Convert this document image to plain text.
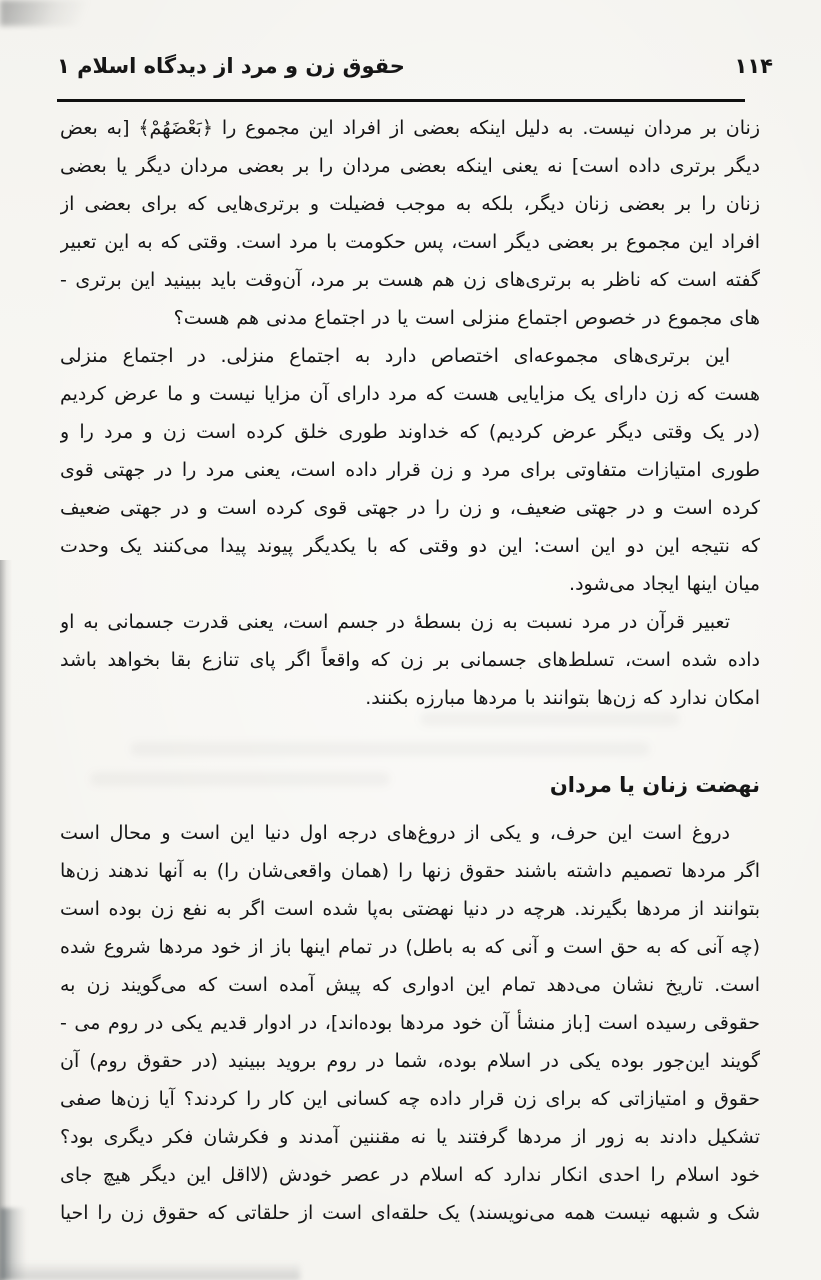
حقوق زن و مرد از دیدگاه اسلام ۱	۱۱۴
زنان بر مردان نیست. به دلیل اینکه بعضی از افراد این مجموع را ﴿بَعْضَهُمْ﴾ [به بعض
دیگر برتری داده است] نه یعنی اینکه بعضی مردان را بر بعضی مردان دیگر یا بعضی
زنان را بر بعضی زنان دیگر، بلکه به موجب فضیلت و برتری‌هایی که برای بعضی از
افراد این مجموع بر بعضی دیگر است، پس حکومت با مرد است. وقتی که به این تعبیر
گفته است که ناظر به برتری‌های زن هم هست بر مرد، آن‌وقت باید ببینید این برتری -
های مجموع در خصوص اجتماع منزلی است یا در اجتماع مدنی هم هست؟
این برتری‌های مجموعه‌ای اختصاص دارد به اجتماع منزلی. در اجتماع منزلی
هست که زن دارای یک مزایایی هست که مرد دارای آن مزایا نیست و ما عرض کردیم
(در یک وقتی دیگر عرض کردیم) که خداوند طوری خلق کرده است زن و مرد را و
طوری امتیازات متفاوتی برای مرد و زن قرار داده است، یعنی مرد را در جهتی قوی
کرده است و در جهتی ضعیف، و زن را در جهتی قوی کرده است و در جهتی ضعیف
که نتیجه این دو این است: این دو وقتی که با یکدیگر پیوند پیدا می‌کنند یک وحدت
میان اینها ایجاد می‌شود.
تعبیر قرآن در مرد نسبت به زن بسطهٔ در جسم است، یعنی قدرت جسمانی به او
داده شده است، تسلط‌های جسمانی بر زن که واقعاً اگر پای تنازع بقا بخواهد باشد
امکان ندارد که زن‌ها بتوانند با مردها مبارزه بکنند.
نهضت زنان یا مردان
دروغ است این حرف، و یکی از دروغ‌های درجه اول دنیا این است و محال است
اگر مردها تصمیم داشته باشند حقوق زنها را (همان واقعی‌شان را) به آنها ندهند زن‌ها
بتوانند از مردها بگیرند. هرچه در دنیا نهضتی به‌پا شده است اگر به نفع زن بوده است
(چه آنی که به حق است و آنی که به باطل) در تمام اینها باز از خود مردها شروع شده
است. تاریخ نشان می‌دهد تمام این ادواری که پیش آمده است که می‌گویند زن به
حقوقی رسیده است [باز منشأ آن خود مردها بوده‌اند]، در ادوار قدیم یکی در روم می -
گویند این‌جور بوده یکی در اسلام بوده، شما در روم بروید ببینید (در حقوق روم) آن
حقوق و امتیازاتی که برای زن قرار داده چه کسانی این کار را کردند؟ آیا زن‌ها صفی
تشکیل دادند به زور از مردها گرفتند یا نه مقننین آمدند و فکرشان فکر دیگری بود؟
خود اسلام را احدی انکار ندارد که اسلام در عصر خودش (لااقل این دیگر هیچ جای
شک و شبهه نیست همه می‌نویسند) یک حلقه‌ای است از حلقاتی که حقوق زن را احیا
